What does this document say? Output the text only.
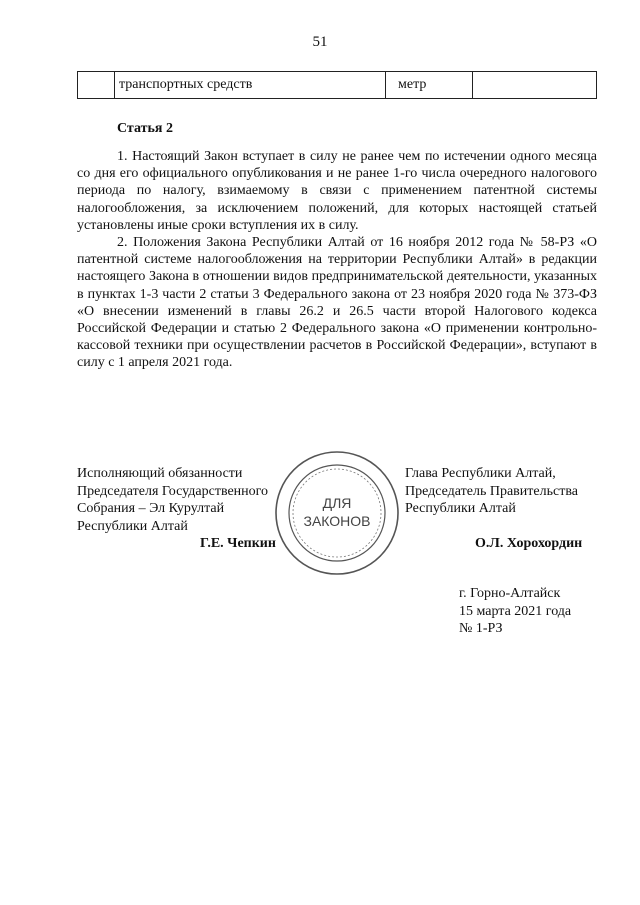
51
	транспортных средств	метр	
Статья 2

1. Настоящий Закон вступает в силу не ранее чем по истечении одного месяца со дня его официального опубликования и не ранее 1-го числа очередного налогового периода по налогу, взимаемому в связи с применением патентной системы налогообложения, за исключением положений, для которых настоящей статьей установлены иные сроки вступления их в силу.

2. Положения Закона Республики Алтай от 16 ноября 2012 года № 58-РЗ «О патентной системе налогообложения на территории Республики Алтай» в редакции настоящего Закона в отношении видов предпринимательской деятельности, указанных в пунктах 1-3 части 2 статьи 3 Федерального закона от 23 ноября 2020 года № 373-ФЗ «О внесении изменений в главы 26.2 и 26.5 части второй Налогового кодекса Российской Федерации и статью 2 Федерального закона «О применении контрольно-кассовой техники при осуществлении расчетов в Российской Федерации», вступают в силу с 1 апреля 2021 года.

Исполняющий обязанности
Председателя Государственного
Собрания – Эл Курултай
Республики Алтай
Г.Е. Чепкин
Глава Республики Алтай,
Председатель Правительства
Республики Алтай
О.Л. Хорохордин
ДЛЯ
ЗАКОНОВ
г. Горно-Алтайск
15 марта 2021 года
№ 1-РЗ
